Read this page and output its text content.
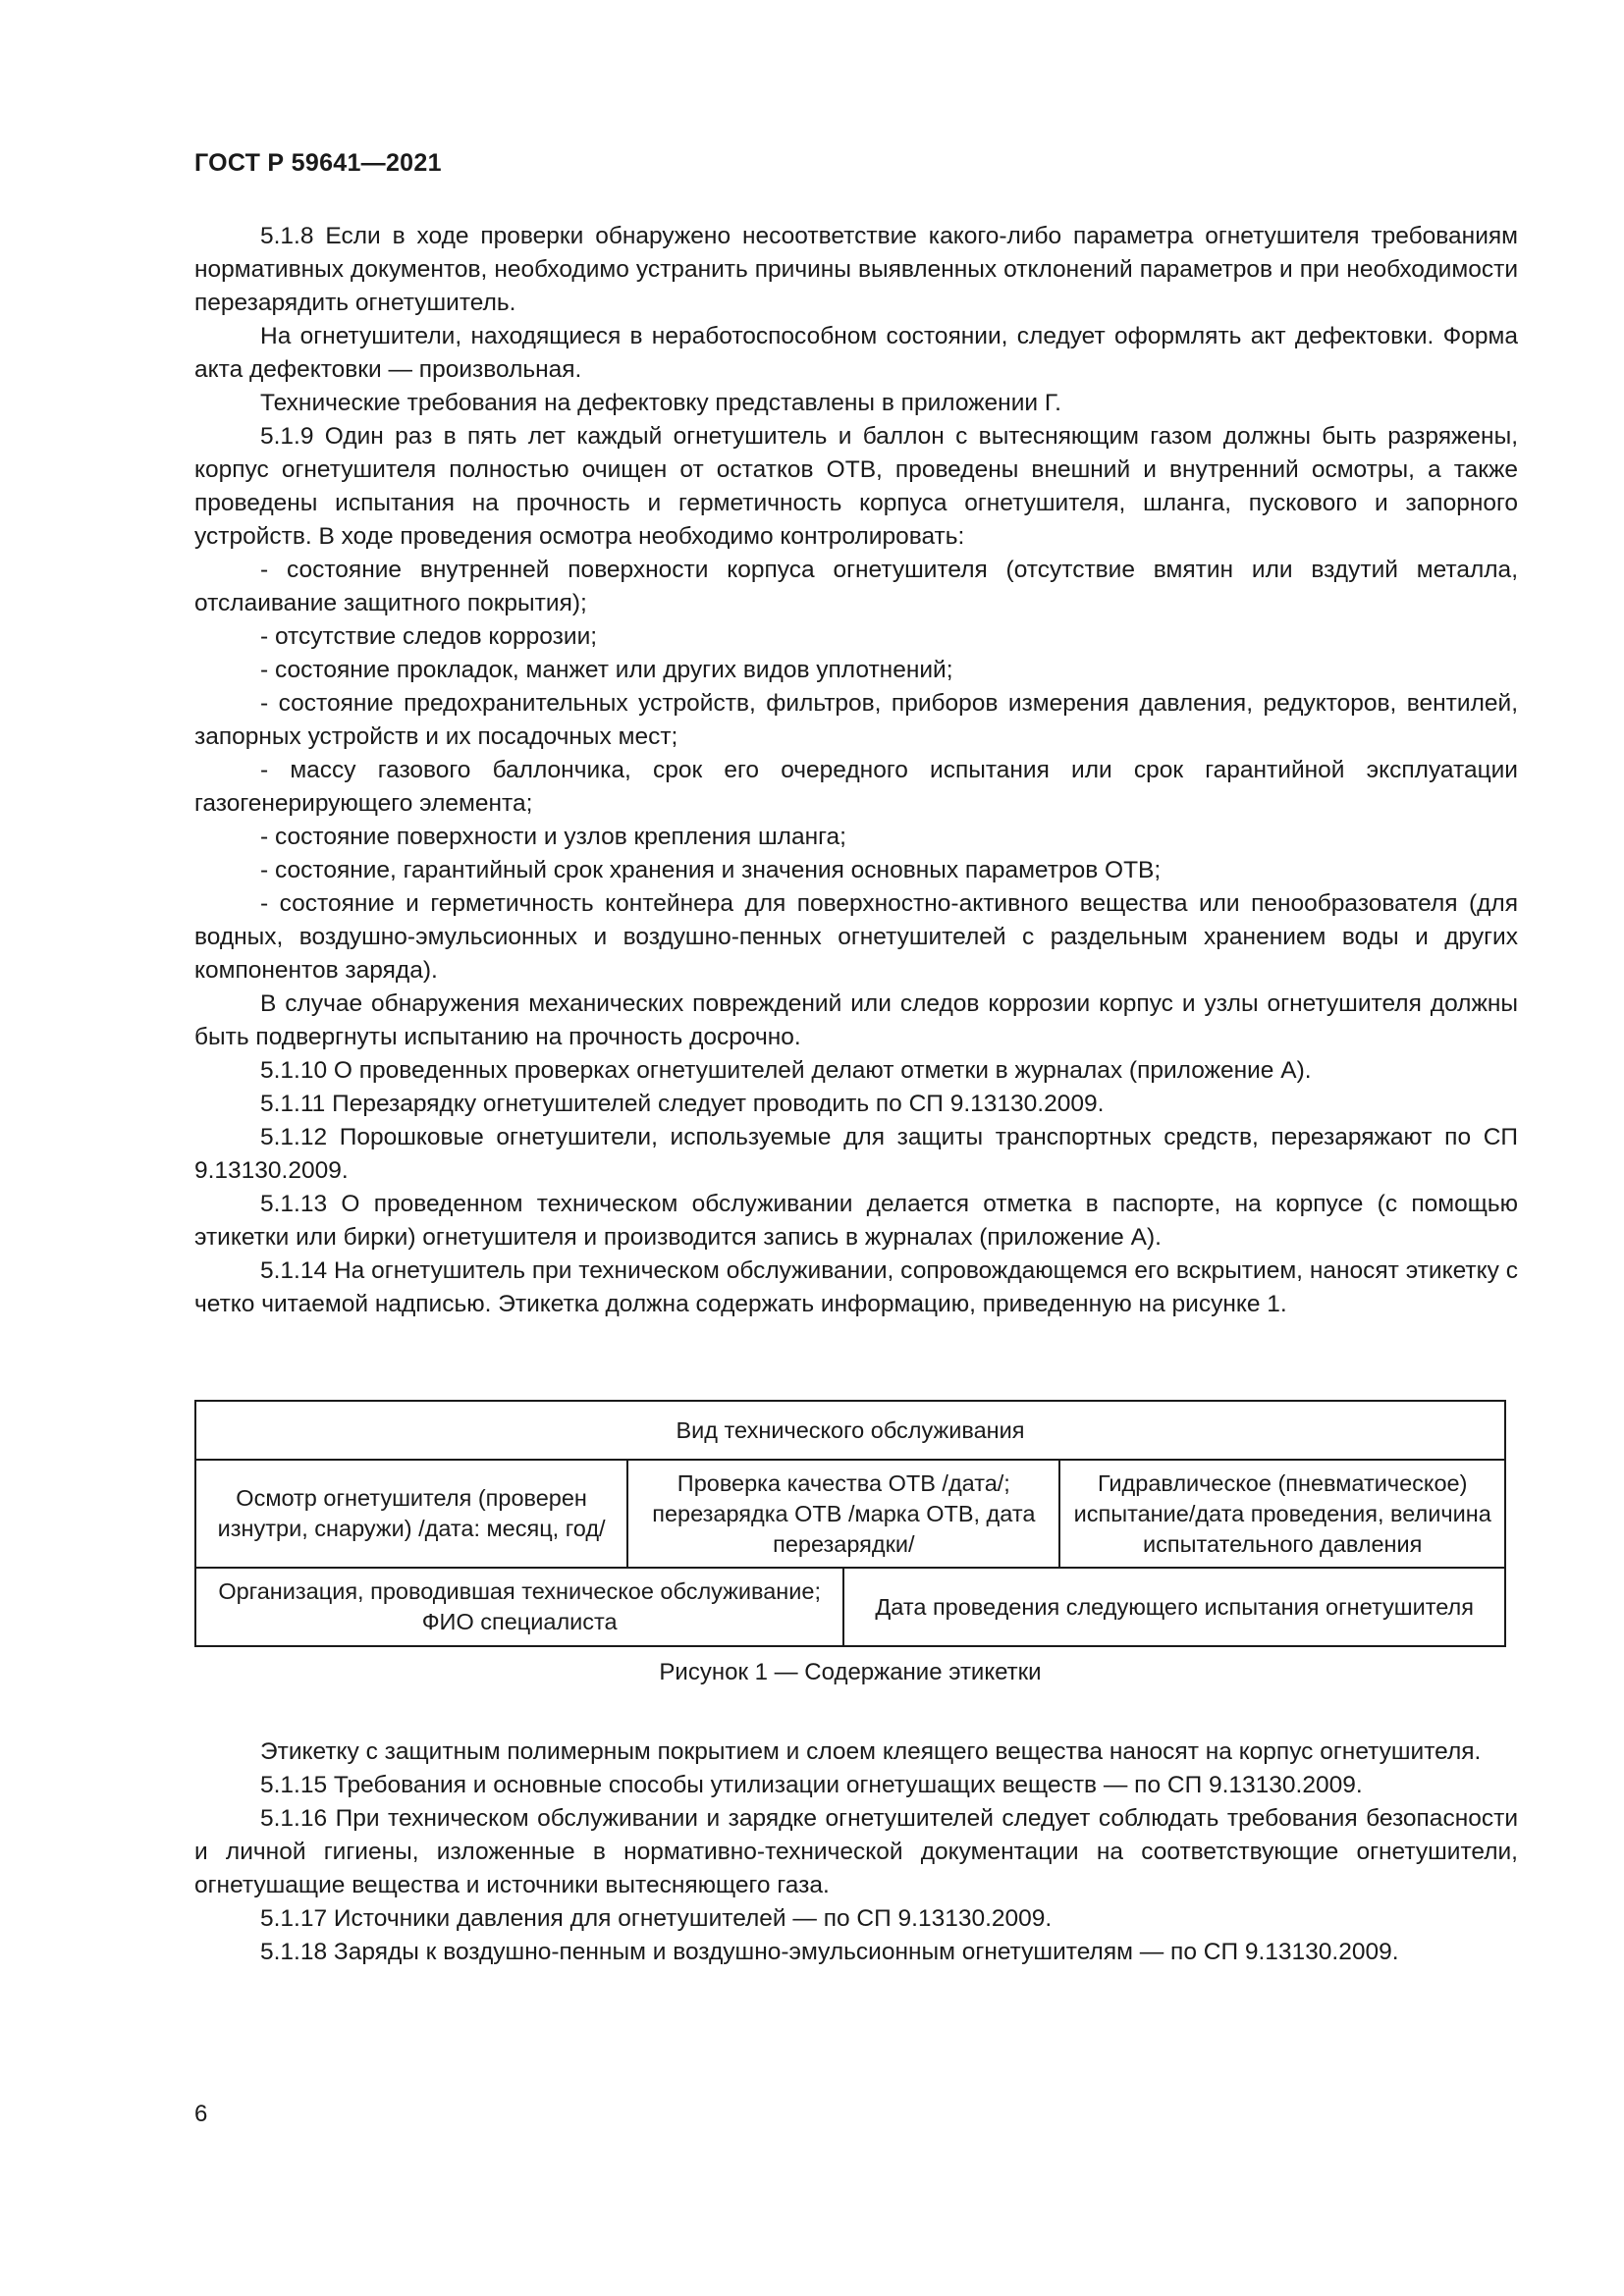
ГОСТ Р 59641—2021

5.1.8 Если в ходе проверки обнаружено несоответствие какого-либо параметра огнетушителя требованиям нормативных документов, необходимо устранить причины выявленных отклонений параметров и при необходимости перезарядить огнетушитель.

На огнетушители, находящиеся в неработоспособном состоянии, следует оформлять акт дефектовки. Форма акта дефектовки — произвольная.

Технические требования на дефектовку представлены в приложении Г.

5.1.9 Один раз в пять лет каждый огнетушитель и баллон с вытесняющим газом должны быть разряжены, корпус огнетушителя полностью очищен от остатков ОТВ, проведены внешний и внутренний осмотры, а также проведены испытания на прочность и герметичность корпуса огнетушителя, шланга, пускового и запорного устройств. В ходе проведения осмотра необходимо контролировать:

- состояние внутренней поверхности корпуса огнетушителя (отсутствие вмятин или вздутий металла, отслаивание защитного покрытия);

- отсутствие следов коррозии;

- состояние прокладок, манжет или других видов уплотнений;

- состояние предохранительных устройств, фильтров, приборов измерения давления, редукторов, вентилей, запорных устройств и их посадочных мест;

- массу газового баллончика, срок его очередного испытания или срок гарантийной эксплуатации газогенерирующего элемента;

- состояние поверхности и узлов крепления шланга;

- состояние, гарантийный срок хранения и значения основных параметров ОТВ;

- состояние и герметичность контейнера для поверхностно-активного вещества или пенообразователя (для водных, воздушно-эмульсионных и воздушно-пенных огнетушителей с раздельным хранением воды и других компонентов заряда).

В случае обнаружения механических повреждений или следов коррозии корпус и узлы огнетушителя должны быть подвергнуты испытанию на прочность досрочно.

5.1.10 О проведенных проверках огнетушителей делают отметки в журналах (приложение А).

5.1.11 Перезарядку огнетушителей следует проводить по СП 9.13130.2009.

5.1.12 Порошковые огнетушители, используемые для защиты транспортных средств, перезаряжают по СП 9.13130.2009.

5.1.13 О проведенном техническом обслуживании делается отметка в паспорте, на корпусе (с помощью этикетки или бирки) огнетушителя и производится запись в журналах (приложение А).

5.1.14 На огнетушитель при техническом обслуживании, сопровождающемся его вскрытием, наносят этикетку с четко читаемой надписью. Этикетка должна содержать информацию, приведенную на рисунке 1.

Вид технического обслуживания			
Осмотр огнетушителя (проверен изнутри, снаружи) /дата: месяц, год/	Проверка качества ОТВ /дата/; перезарядка ОТВ /марка ОТВ, дата перезарядки/		Гидравлическое (пневматическое) испытание/дата проведения, величина испытательного давления
Организация, проводившая техническое обслуживание; ФИО специалиста		Дата проведения следующего испытания огнетушителя	
Рисунок 1 — Содержание этикетки

Этикетку с защитным полимерным покрытием и слоем клеящего вещества наносят на корпус огнетушителя.

5.1.15 Требования и основные способы утилизации огнетушащих веществ — по СП 9.13130.2009.

5.1.16 При техническом обслуживании и зарядке огнетушителей следует соблюдать требования безопасности и личной гигиены, изложенные в нормативно-технической документации на соответствующие огнетушители, огнетушащие вещества и источники вытесняющего газа.

5.1.17 Источники давления для огнетушителей — по СП 9.13130.2009.

5.1.18 Заряды к воздушно-пенным и воздушно-эмульсионным огнетушителям — по СП 9.13130.2009.

6
